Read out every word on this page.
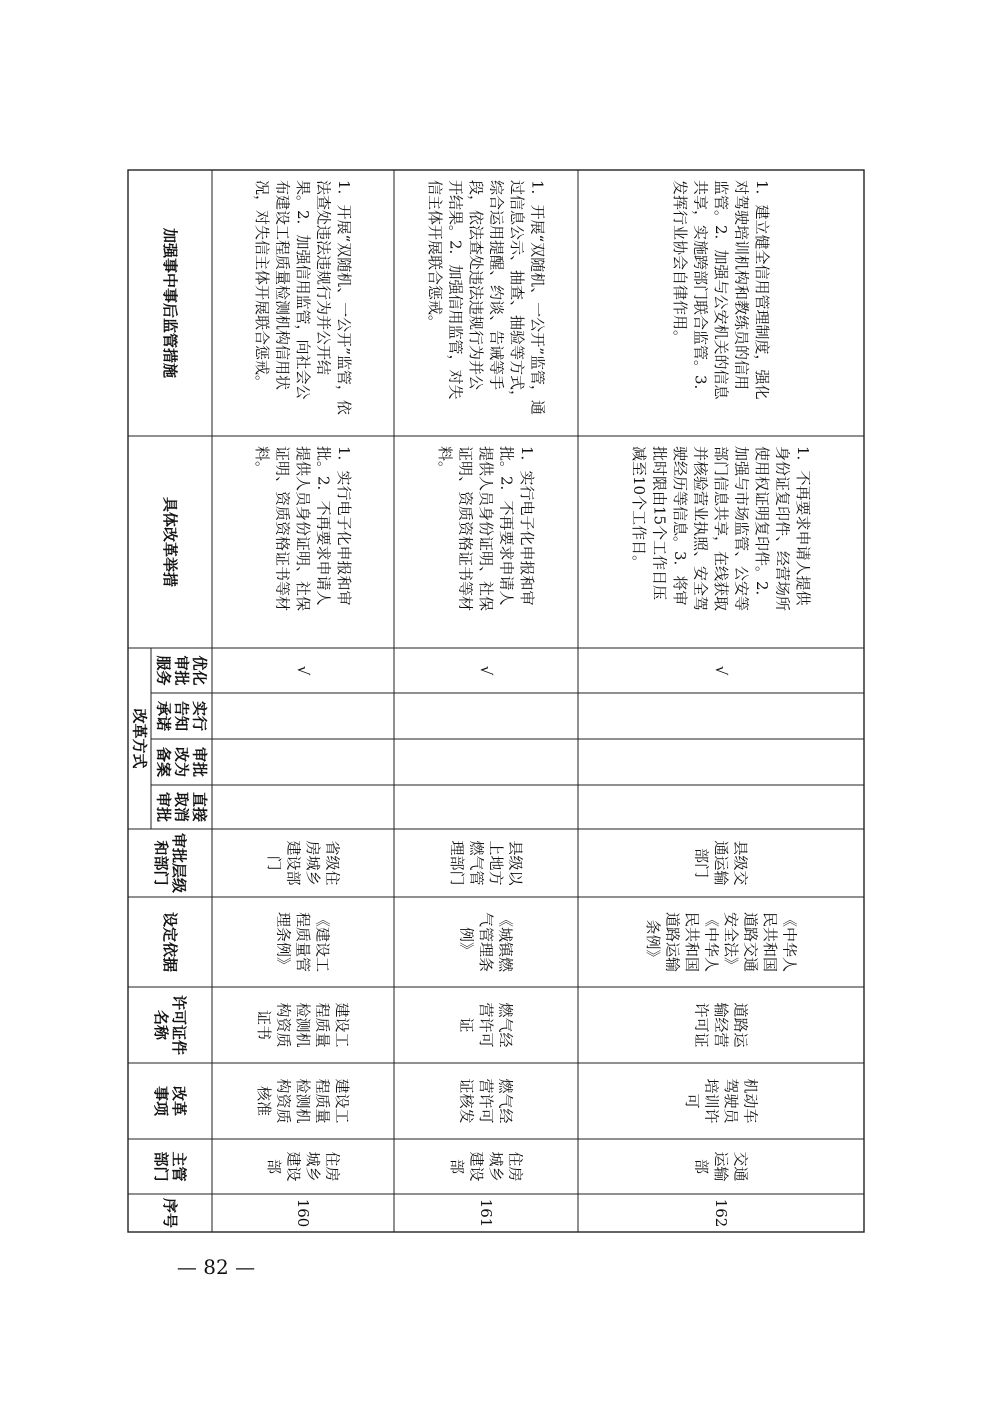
序号
主管
部门
改革
事项
许可证件
名称
设定依据
审批层级
和部门
直接
取消
审批
审批
改为
备案
实行
告知
承诺
优化
审批
服务
具体改革举措
加强事中事后监管措施
改革方式
160
住房
城乡
建设
部
建设工
程质量
检测机
构资质
核准
建设工
程质量
检测机
构资质
证书
《建设工
程质量管
理条例》
省级住
房城乡
建设部
门
√
1．实行电子化申报和审
批。2．不再要求申请人
提供人员身份证明、社保
证明、资质资格证书等材
料。
1．开展“双随机、一公开”监管，依
法查处违法违规行为并公开结
果。2．加强信用监管，向社会公
布建设工程质量检测机构信用状
况，对失信主体开展联合惩戒。
161
住房
城乡
建设
部
燃气经
营许可
证核发
燃气经
营许可
证
《城镇燃
气管理条
例》
县级以
上地方
燃气管
理部门
√
1．实行电子化申报和审
批。2．不再要求申请人
提供人员身份证明、社保
证明、资质资格证书等材
料。
1．开展“双随机、一公开”监管，通
过信息公示、抽查、抽验等方式，
综合运用提醒、约谈、告诫等手
段，依法查处违法违规行为并公
开结果。2．加强信用监管，对失
信主体开展联合惩戒。
162
交通
运输
部
机动车
驾驶员
培训许
可
道路运
输经营
许可证
《中华人
民共和国
道路交通
安全法》
《中华人
民共和国
道路运输
条例》
县级交
通运输
部门
√
1．不再要求申请人提供
身份证复印件、经营场所
使用权证明复印件。2．
加强与市场监管、公安等
部门信息共享，在线获取
并核验营业执照、安全驾
驶经历等信息。3．将审
批时限由15个工作日压
减至10个工作日。
1．建立健全信用管理制度，强化
对驾驶培训机构和教练员的信用
监管。2．加强与公安机关的信息
共享，实施跨部门联合监管。3．
发挥行业协会自律作用。
— 82 —
